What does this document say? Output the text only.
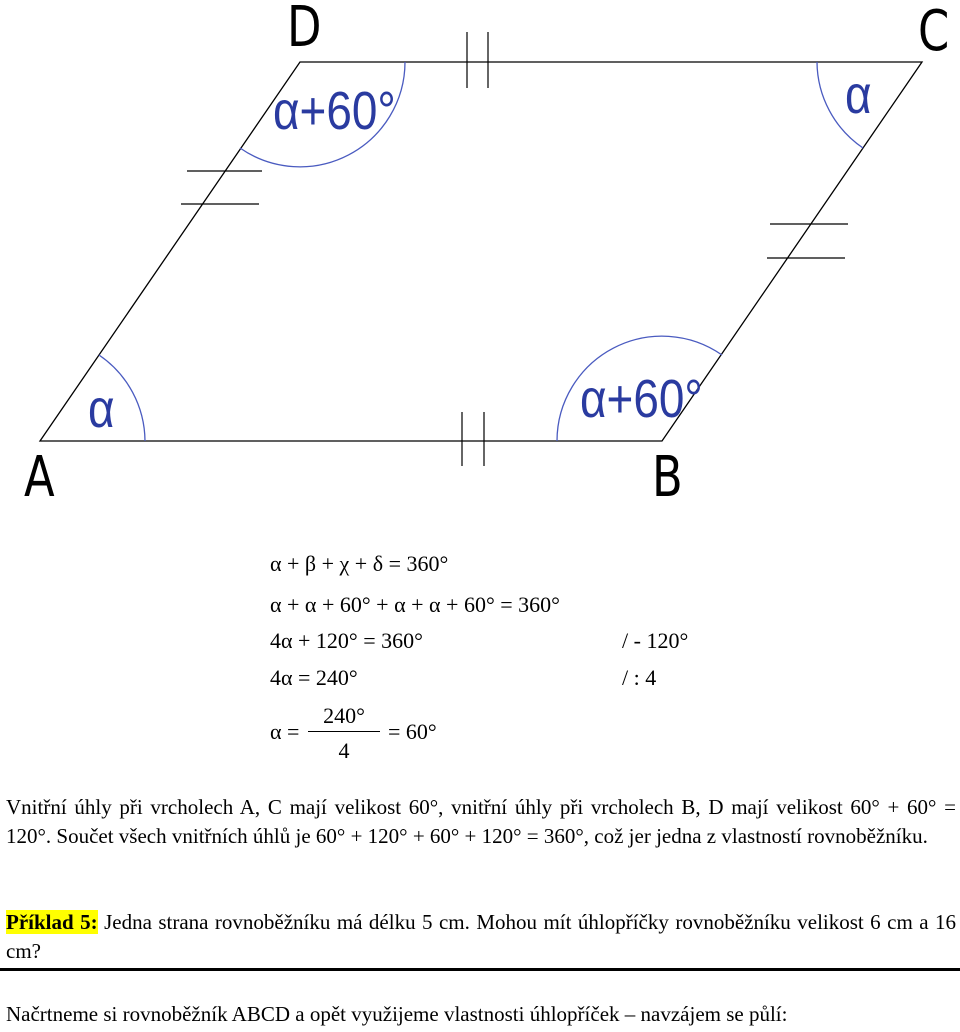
D	C
A	B
α+60°	α
α	α+60°
α + β + χ + δ = 360°
α + α + 60° + α + α + 60° = 360°
4α + 120° = 360°	/ - 120°
4α = 240°	/ : 4
α =
240°
4
= 60°
Vnitřní úhly při vrcholech A, C mají velikost 60°, vnitřní úhly při vrcholech B, D mají velikost 60° + 60° = 120°. Součet všech vnitřních úhlů je 60° + 120° + 60° + 120° = 360°, což jer jedna z vlastností rovnoběžníku.
Příklad 5: Jedna strana rovnoběžníku má délku 5 cm. Mohou mít úhlopříčky rovnoběžníku velikost 6 cm a 16 cm?
Načrtneme si rovnoběžník ABCD a opět využijeme vlastnosti úhlopříček – navzájem se půlí:
